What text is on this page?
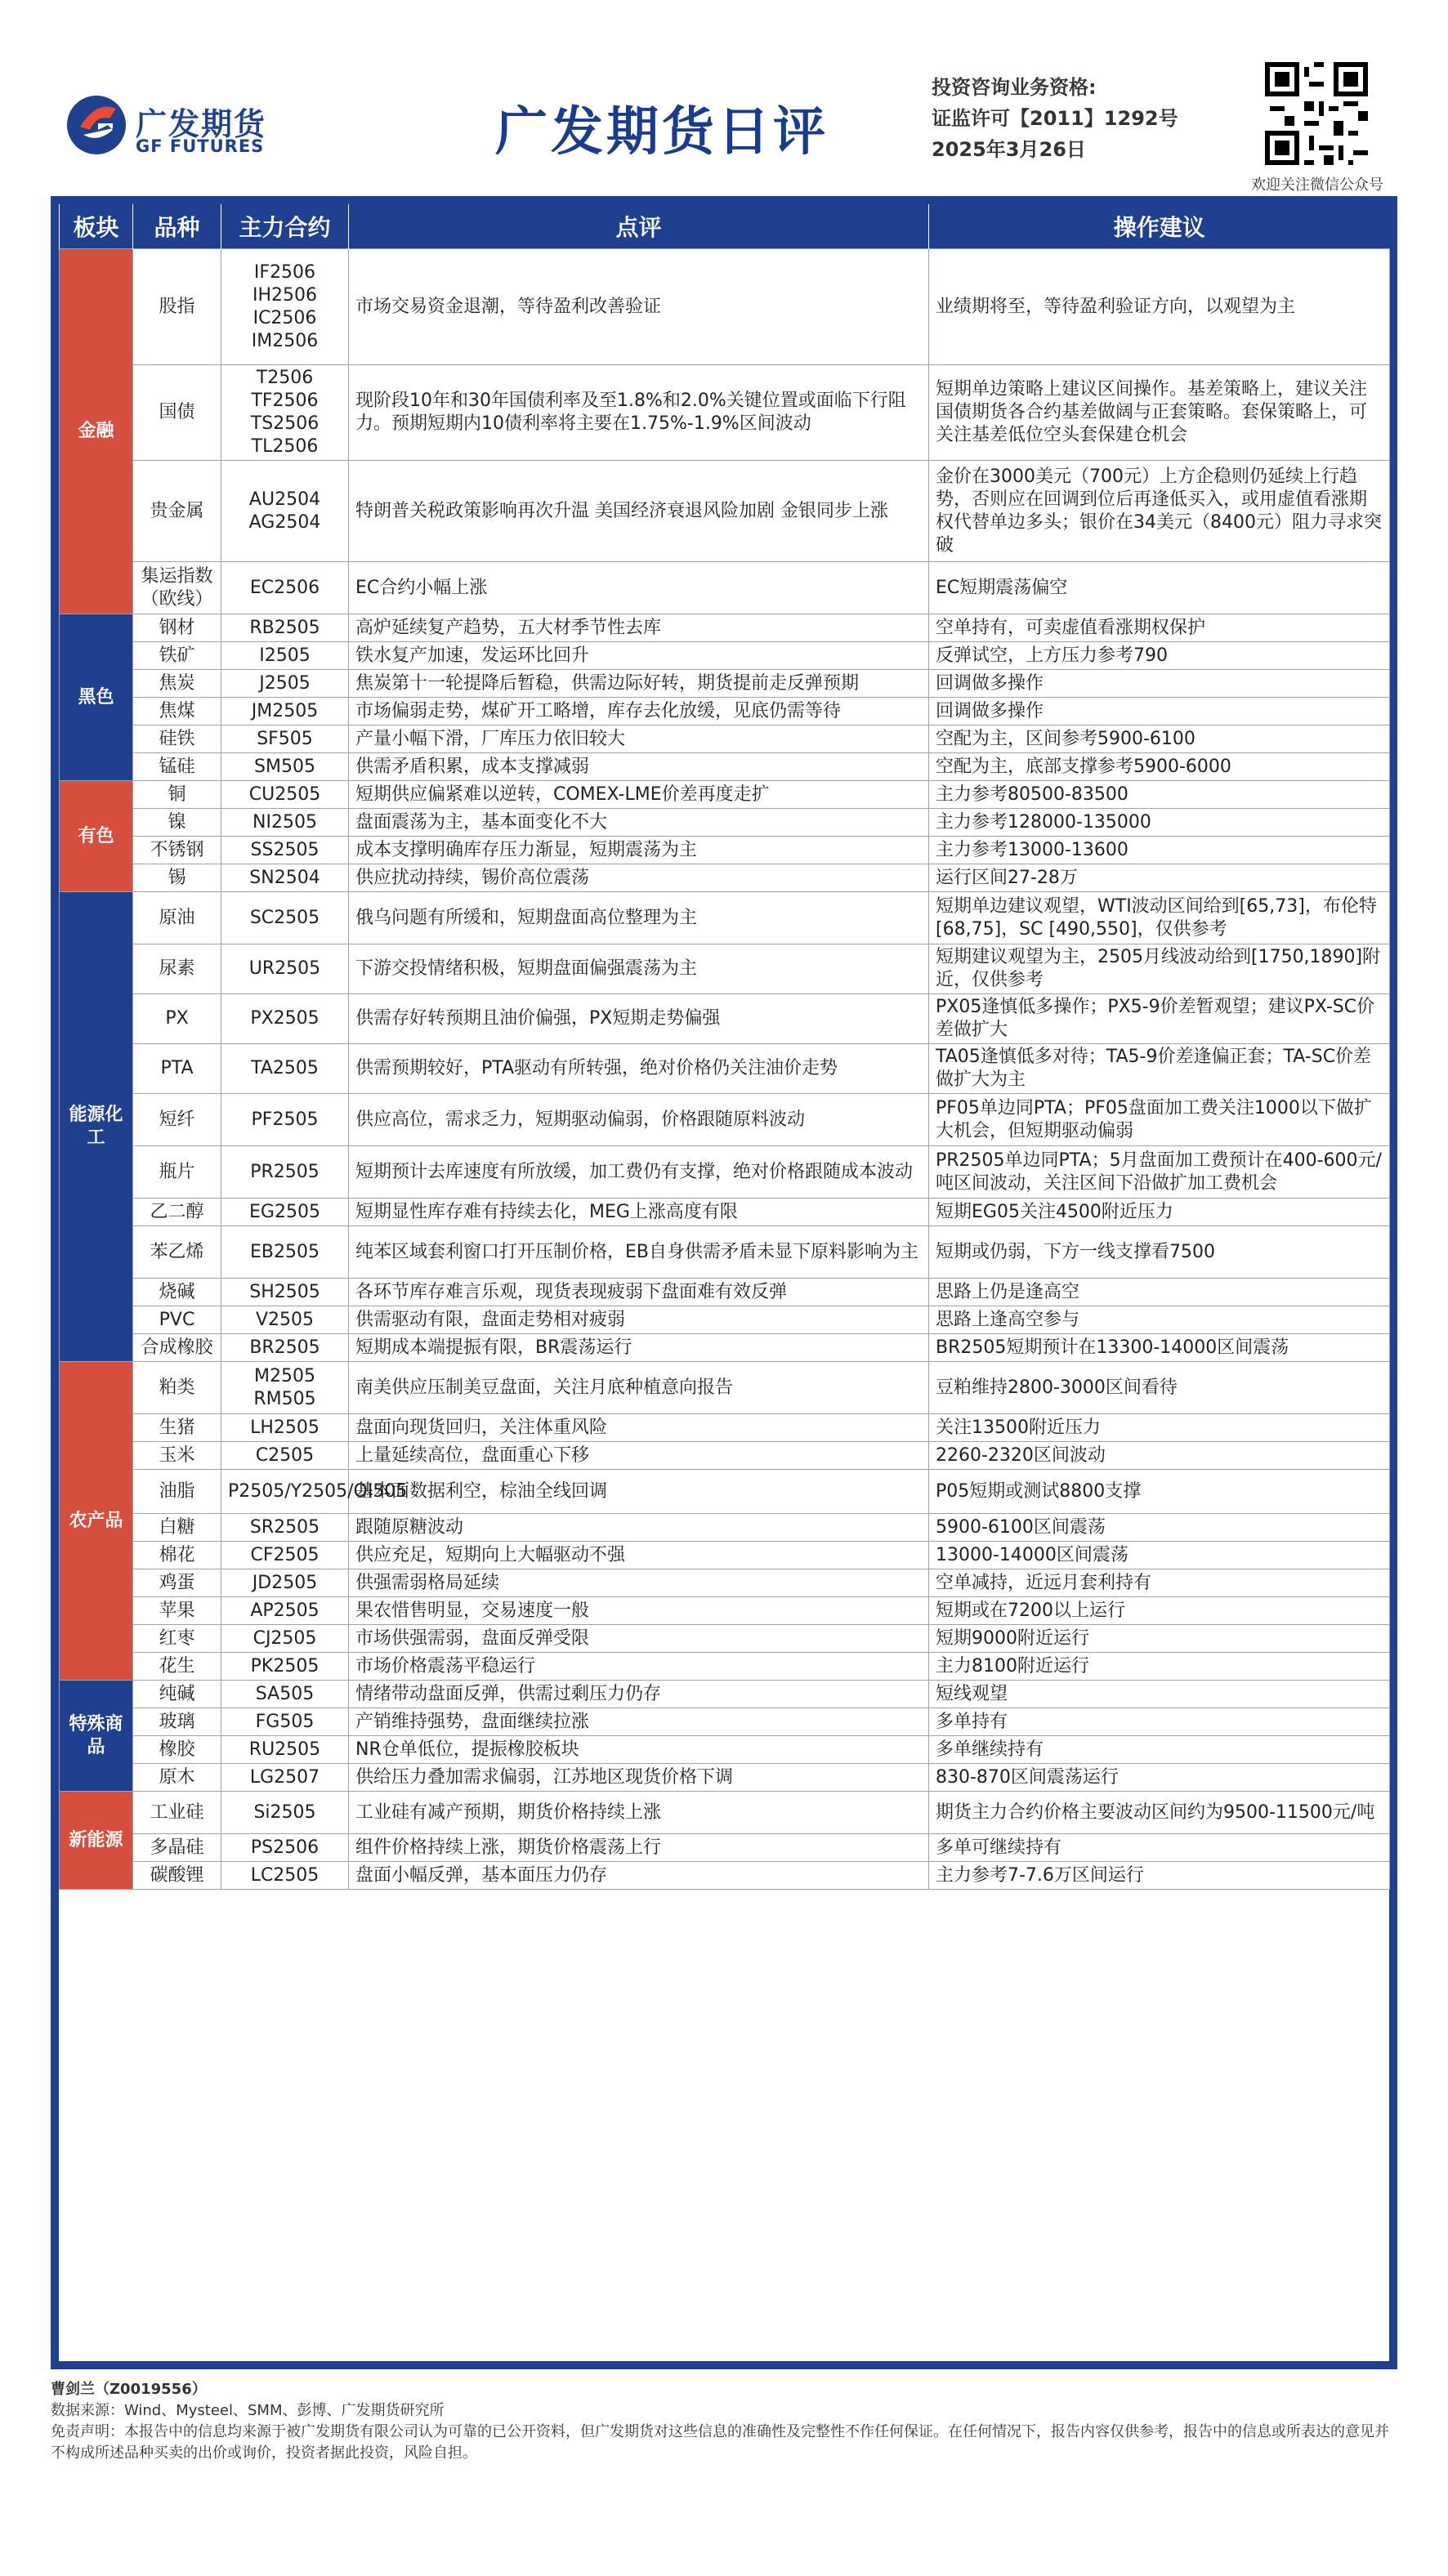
广发期货
GF FUTURES	广发期货日评
投资咨询业务资格:
证监许可【2011】1292号
2025年3月26日
欢迎关注微信公众号
板块	品种	主力合约	点评	操作建议
金融	股指	IF2506
IH2506
IC2506
IM2506	市场交易资金退潮，等待盈利改善验证	业绩期将至，等待盈利验证方向，以观望为主
	国债	T2506
TF2506
TS2506
TL2506	现阶段10年和30年国债利率及至1.8%和2.0%关键位置或面临下行阻力。预期短期内10债利率将主要在1.75%-1.9%区间波动	短期单边策略上建议区间操作。基差策略上，建议关注国债期货各合约基差做阔与正套策略。套保策略上，可关注基差低位空头套保建仓机会
	贵金属	AU2504
AG2504	特朗普关税政策影响再次升温 美国经济衰退风险加剧 金银同步上涨	金价在3000美元（700元）上方企稳则仍延续上行趋势，否则应在回调到位后再逢低买入，或用虚值看涨期权代替单边多头；银价在34美元（8400元）阻力寻求突破
	集运指数（欧线）	EC2506	EC合约小幅上涨	EC短期震荡偏空
黑色	钢材	RB2505	高炉延续复产趋势，五大材季节性去库	空单持有，可卖虚值看涨期权保护
	铁矿	I2505	铁水复产加速，发运环比回升	反弹试空，上方压力参考790
	焦炭	J2505	焦炭第十一轮提降后暂稳，供需边际好转，期货提前走反弹预期	回调做多操作
	焦煤	JM2505	市场偏弱走势，煤矿开工略增，库存去化放缓，见底仍需等待	回调做多操作
	硅铁	SF505	产量小幅下滑，厂库压力依旧较大	空配为主，区间参考5900-6100
	锰硅	SM505	供需矛盾积累，成本支撑减弱	空配为主，底部支撑参考5900-6000
有色	铜	CU2505	短期供应偏紧难以逆转，COMEX-LME价差再度走扩	主力参考80500-83500
	镍	NI2505	盘面震荡为主，基本面变化不大	主力参考128000-135000
	不锈钢	SS2505	成本支撑明确库存压力渐显，短期震荡为主	主力参考13000-13600
	锡	SN2504	供应扰动持续，锡价高位震荡	运行区间27-28万
能源化工	原油	SC2505	俄乌问题有所缓和，短期盘面高位整理为主	短期单边建议观望，WTI波动区间给到[65,73]，布伦特 [68,75]，SC [490,550]，仅供参考
	尿素	UR2505	下游交投情绪积极，短期盘面偏强震荡为主	短期建议观望为主，2505月线波动给到[1750,1890]附近，仅供参考
	PX	PX2505	供需存好转预期且油价偏强，PX短期走势偏强	PX05逢慎低多操作；PX5-9价差暂观望；建议PX-SC价差做扩大
	PTA	TA2505	供需预期较好，PTA驱动有所转强，绝对价格仍关注油价走势	TA05逢慎低多对待；TA5-9价差逢偏正套；TA-SC价差做扩大为主
	短纤	PF2505	供应高位，需求乏力，短期驱动偏弱，价格跟随原料波动	PF05单边同PTA；PF05盘面加工费关注1000以下做扩大机会，但短期驱动偏弱
	瓶片	PR2505	短期预计去库速度有所放缓，加工费仍有支撑，绝对价格跟随成本波动	PR2505单边同PTA；5月盘面加工费预计在400-600元/吨区间波动，关注区间下沿做扩加工费机会
	乙二醇	EG2505	短期显性库存难有持续去化，MEG上涨高度有限	短期EG05关注4500附近压力
	苯乙烯	EB2505	纯苯区域套利窗口打开压制价格，EB自身供需矛盾未显下原料影响为主	短期或仍弱，下方一线支撑看7500
	烧碱	SH2505	各环节库存难言乐观，现货表现疲弱下盘面难有效反弹	思路上仍是逢高空
	PVC	V2505	供需驱动有限，盘面走势相对疲弱	思路上逢高空参与
	合成橡胶	BR2505	短期成本端提振有限，BR震荡运行	BR2505短期预计在13300-14000区间震荡
农产品	粕类	M2505
RM505	南美供应压制美豆盘面，关注月底种植意向报告	豆粕维持2800-3000区间看待
	生猪	LH2505	盘面向现货回归，关注体重风险	关注13500附近压力
	玉米	C2505	上量延续高位，盘面重心下移	2260-2320区间波动
	油脂	P2505/Y2505/OI505	基本面数据利空，棕油全线回调	P05短期或测试8800支撑
	白糖	SR2505	跟随原糖波动	5900-6100区间震荡
	棉花	CF2505	供应充足，短期向上大幅驱动不强	13000-14000区间震荡
	鸡蛋	JD2505	供强需弱格局延续	空单减持，近远月套利持有
	苹果	AP2505	果农惜售明显，交易速度一般	短期或在7200以上运行
	红枣	CJ2505	市场供强需弱，盘面反弹受限	短期9000附近运行
	花生	PK2505	市场价格震荡平稳运行	主力8100附近运行
特殊商品	纯碱	SA505	情绪带动盘面反弹，供需过剩压力仍存	短线观望
	玻璃	FG505	产销维持强势，盘面继续拉涨	多单持有
	橡胶	RU2505	NR仓单低位，提振橡胶板块	多单继续持有
	原木	LG2507	供给压力叠加需求偏弱，江苏地区现货价格下调	830-870区间震荡运行
新能源	工业硅	Si2505	工业硅有减产预期，期货价格持续上涨	期货主力合约价格主要波动区间约为9500-11500元/吨
	多晶硅	PS2506	组件价格持续上涨，期货价格震荡上行	多单可继续持有
	碳酸锂	LC2505	盘面小幅反弹，基本面压力仍存	主力参考7-7.6万区间运行
曹剑兰（Z0019556）
数据来源：Wind、Mysteel、SMM、彭博、广发期货研究所
免责声明：本报告中的信息均来源于被广发期货有限公司认为可靠的已公开资料，但广发期货对这些信息的准确性及完整性不作任何保证。在任何情况下，报告内容仅供参考，报告中的信息或所表达的意见并不构成所述品种买卖的出价或询价，投资者据此投资，风险自担。
